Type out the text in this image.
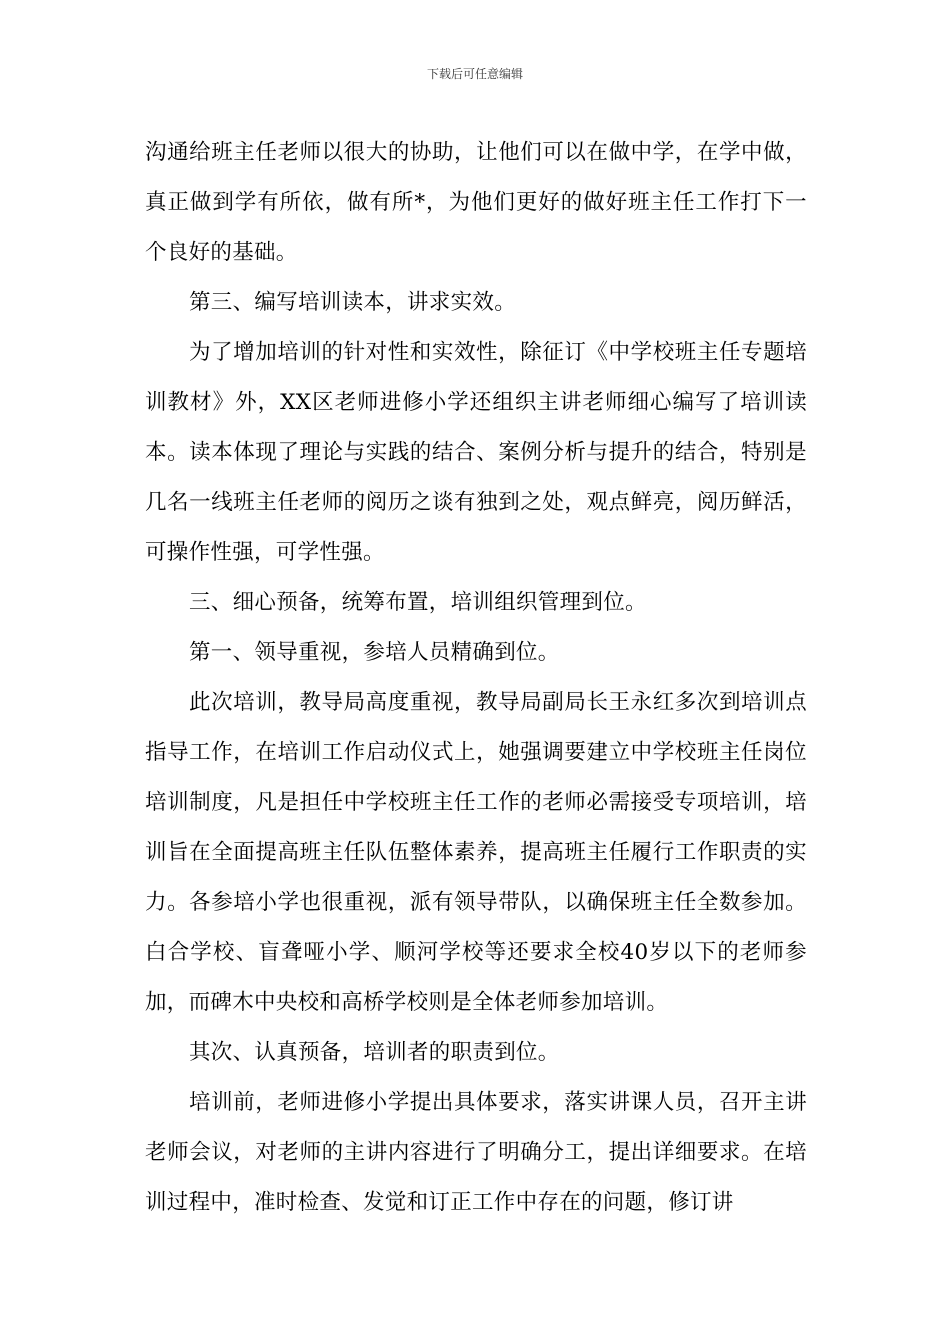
下载后可任意编辑

沟通给班主任老师以很大的协助，让他们可以在做中学，在学中做，真正做到学有所依，做有所*，为他们更好的做好班主任工作打下一个良好的基础。

第三、编写培训读本，讲求实效。

为了增加培训的针对性和实效性，除征订《中学校班主任专题培训教材》外，XX区老师进修小学还组织主讲老师细心编写了培训读本。读本体现了理论与实践的结合、案例分析与提升的结合，特别是几名一线班主任老师的阅历之谈有独到之处，观点鲜亮，阅历鲜活，可操作性强，可学性强。

三、细心预备，统筹布置，培训组织管理到位。

第一、领导重视，参培人员精确到位。

此次培训，教导局高度重视，教导局副局长王永红多次到培训点指导工作，在培训工作启动仪式上，她强调要建立中学校班主任岗位培训制度，凡是担任中学校班主任工作的老师必需接受专项培训，培训旨在全面提高班主任队伍整体素养，提高班主任履行工作职责的实力。各参培小学也很重视，派有领导带队，以确保班主任全数参加。白合学校、盲聋哑小学、顺河学校等还要求全校40岁以下的老师参加，而碑木中央校和高桥学校则是全体老师参加培训。

其次、认真预备，培训者的职责到位。

培训前，老师进修小学提出具体要求，落实讲课人员，召开主讲老师会议，对老师的主讲内容进行了明确分工，提出详细要求。在培训过程中，准时检查、发觉和订正工作中存在的问题，修订讲
